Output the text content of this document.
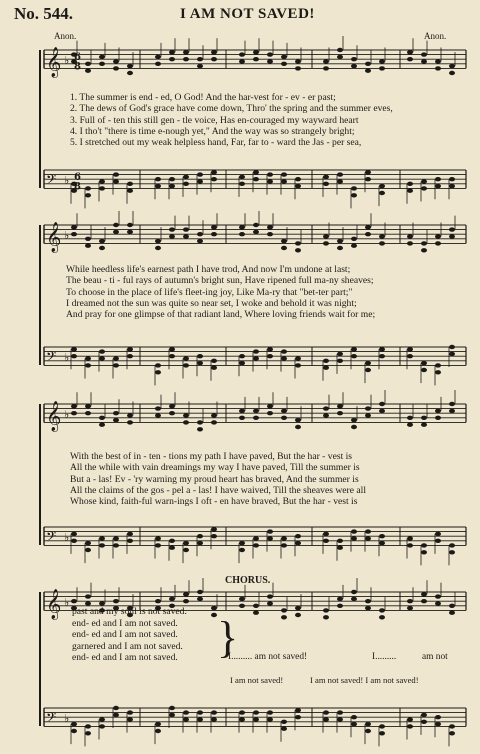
No. 544.	I AM NOT SAVED!
Anon.	Anon.
𝄞 ♭
𝄢 ♭
𝄞 ♭
𝄢 ♭
𝄞 ♭
𝄢 ♭
𝄞 ♭
𝄢 ♭
6
8
6
8
1. The summer is end - ed, O God! And the har-vest for - ev - er past;
2. The dews of God's grace have come down, Thro' the spring and the summer eves,
3. Full of - ten this still gen - tle voice, Has en-couraged my wayward heart
4. I tho't "there is time e-nough yet," And the way was so strangely bright;
5. I stretched out my weak helpless hand, Far, far to - ward the Jas - per sea,
While heedless life's earnest path I have trod, And now I'm undone at last;
The beau - ti - ful rays of autumn's bright sun, Have ripened full ma-ny sheaves;
To choose in the place of life's fleet-ing joy, Like Ma-ry that "bet-ter part;"
I dreamed not the sun was quite so near set, I woke and behold it was night;
And pray for one glimpse of that radiant land, Where loving friends wait for me;
With the best of in - ten - tions my path I have paved, But the har - vest is
All the while with vain dreamings my way I have paved, Till the summer is
But a - las! Ev - 'ry warning my proud heart has braved, And the summer is
All the claims of the gos - pel a - las! I have waived, Till the sheaves were all
Whose kind, faith-ful warn-ings I oft - en have braved, But the har - vest is
CHORUS.
past and my soul is not saved.
end- ed and I am not saved.
end- ed and I am not saved.
garnered and I am not saved.
end- ed and I am not saved. }
I......... am not saved!	I.........	am not
I am not saved!	I am not saved! I am not saved!
